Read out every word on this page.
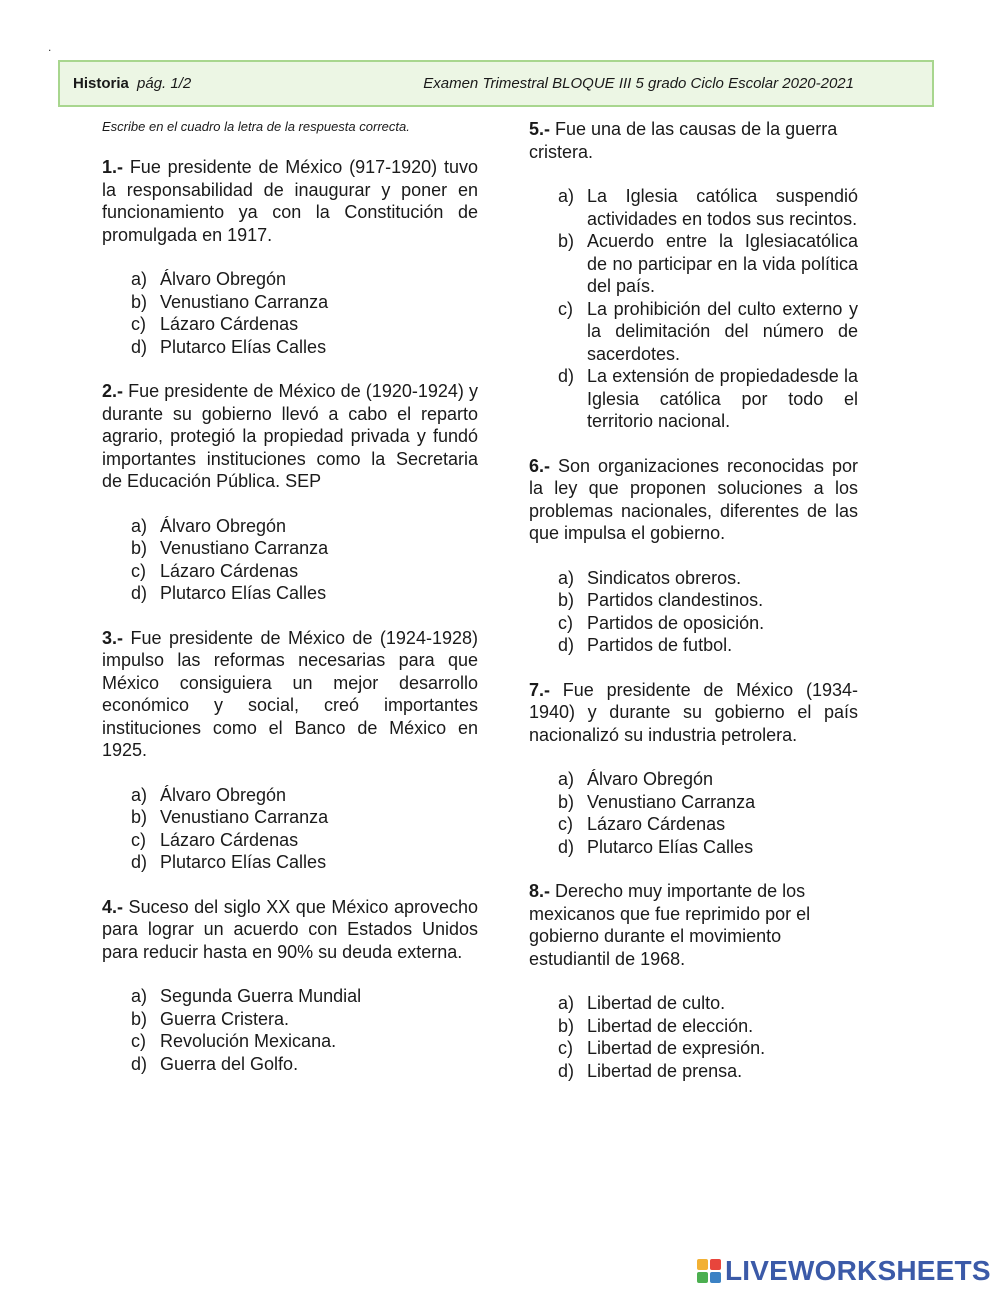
.
Historia pág. 1/2	Examen Trimestral BLOQUE III 5 grado Ciclo Escolar 2020-2021
Escribe en el cuadro la letra de la respuesta correcta.

1.- Fue presidente de México (917-1920) tuvo la responsabilidad de inaugurar y poner en funcionamiento ya con la Constitución de promulgada en 1917.

a) Álvaro Obregón
b) Venustiano Carranza
c) Lázaro Cárdenas
d) Plutarco Elías Calles

2.- Fue presidente de México de (1920-1924) y durante su gobierno llevó a cabo el reparto agrario, protegió la propiedad privada y fundó importantes instituciones como la Secretaria de Educación Pública. SEP

a) Álvaro Obregón
b) Venustiano Carranza
c) Lázaro Cárdenas
d) Plutarco Elías Calles

3.- Fue presidente de México de (1924-1928) impulso las reformas necesarias para que México consiguiera un mejor desarrollo económico y social, creó importantes instituciones como el Banco de México en 1925.

a) Álvaro Obregón
b) Venustiano Carranza
c) Lázaro Cárdenas
d) Plutarco Elías Calles

4.- Suceso del siglo XX que México aprovecho para lograr un acuerdo con Estados Unidos para reducir hasta en 90% su deuda externa.

a) Segunda Guerra Mundial
b) Guerra Cristera.
c) Revolución Mexicana.
d) Guerra del Golfo.

5.- Fue una de las causas de la guerra cristera.

a) La Iglesia católica suspendió actividades en todos sus recintos.
b) Acuerdo entre la Iglesiacatólica de no participar en la vida política del país.
c) La prohibición del culto externo y la delimitación del número de sacerdotes.
d) La extensión de propiedadesde la Iglesia católica por todo el territorio nacional.

6.- Son organizaciones reconocidas por la ley que proponen soluciones a los problemas nacionales, diferentes de las que impulsa el gobierno.

a) Sindicatos obreros.
b) Partidos clandestinos.
c) Partidos de oposición.
d) Partidos de futbol.

7.- Fue presidente de México (1934-1940) y durante su gobierno el país nacionalizó su industria petrolera.

a) Álvaro Obregón
b) Venustiano Carranza
c) Lázaro Cárdenas
d) Plutarco Elías Calles

8.- Derecho muy importante de los mexicanos que fue reprimido por el gobierno durante el movimiento estudiantil de 1968.

a) Libertad de culto.
b) Libertad de elección.
c) Libertad de expresión.
d) Libertad de prensa.
LIVEWORKSHEETS
